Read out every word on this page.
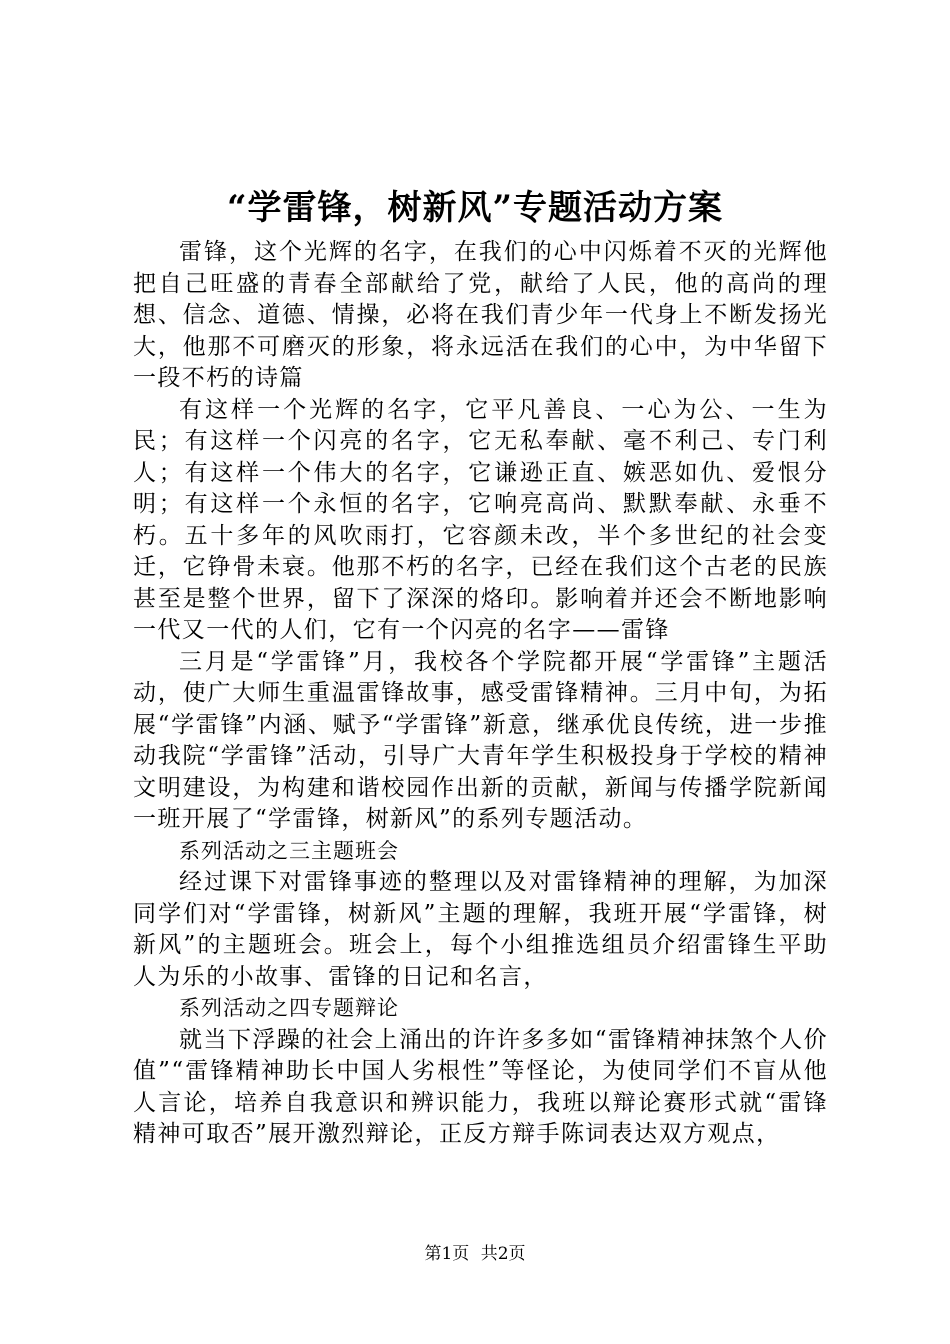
“学雷锋，树新风”专题活动方案

雷锋，这个光辉的名字，在我们的心中闪烁着不灭的光辉他把自己旺盛的青春全部献给了党，献给了人民，他的高尚的理想、信念、道德、情操，必将在我们青少年一代身上不断发扬光大，他那不可磨灭的形象，将永远活在我们的心中，为中华留下一段不朽的诗篇

有这样一个光辉的名字，它平凡善良、一心为公、一生为民；有这样一个闪亮的名字，它无私奉献、毫不利己、专门利人；有这样一个伟大的名字，它谦逊正直、嫉恶如仇、爱恨分明；有这样一个永恒的名字，它响亮高尚、默默奉献、永垂不朽。五十多年的风吹雨打，它容颜未改，半个多世纪的社会变迁，它铮骨未衰。他那不朽的名字，已经在我们这个古老的民族甚至是整个世界，留下了深深的烙印。影响着并还会不断地影响一代又一代的人们，它有一个闪亮的名字——雷锋

三月是“学雷锋”月，我校各个学院都开展“学雷锋”主题活动，使广大师生重温雷锋故事，感受雷锋精神。三月中旬，为拓展“学雷锋”内涵、赋予“学雷锋”新意，继承优良传统，进一步推动我院“学雷锋”活动，引导广大青年学生积极投身于学校的精神文明建设，为构建和谐校园作出新的贡献，新闻与传播学院新闻一班开展了“学雷锋，树新风”的系列专题活动。

系列活动之三主题班会

经过课下对雷锋事迹的整理以及对雷锋精神的理解，为加深同学们对“学雷锋，树新风”主题的理解，我班开展“学雷锋，树新风”的主题班会。班会上，每个小组推选组员介绍雷锋生平助人为乐的小故事、雷锋的日记和名言，

系列活动之四专题辩论

就当下浮躁的社会上涌出的许许多多如“雷锋精神抹煞个人价值”“雷锋精神助长中国人劣根性”等怪论，为使同学们不盲从他人言论，培养自我意识和辨识能力，我班以辩论赛形式就“雷锋精神可取否”展开激烈辩论，正反方辩手陈词表达双方观点，

第1页 共2页
